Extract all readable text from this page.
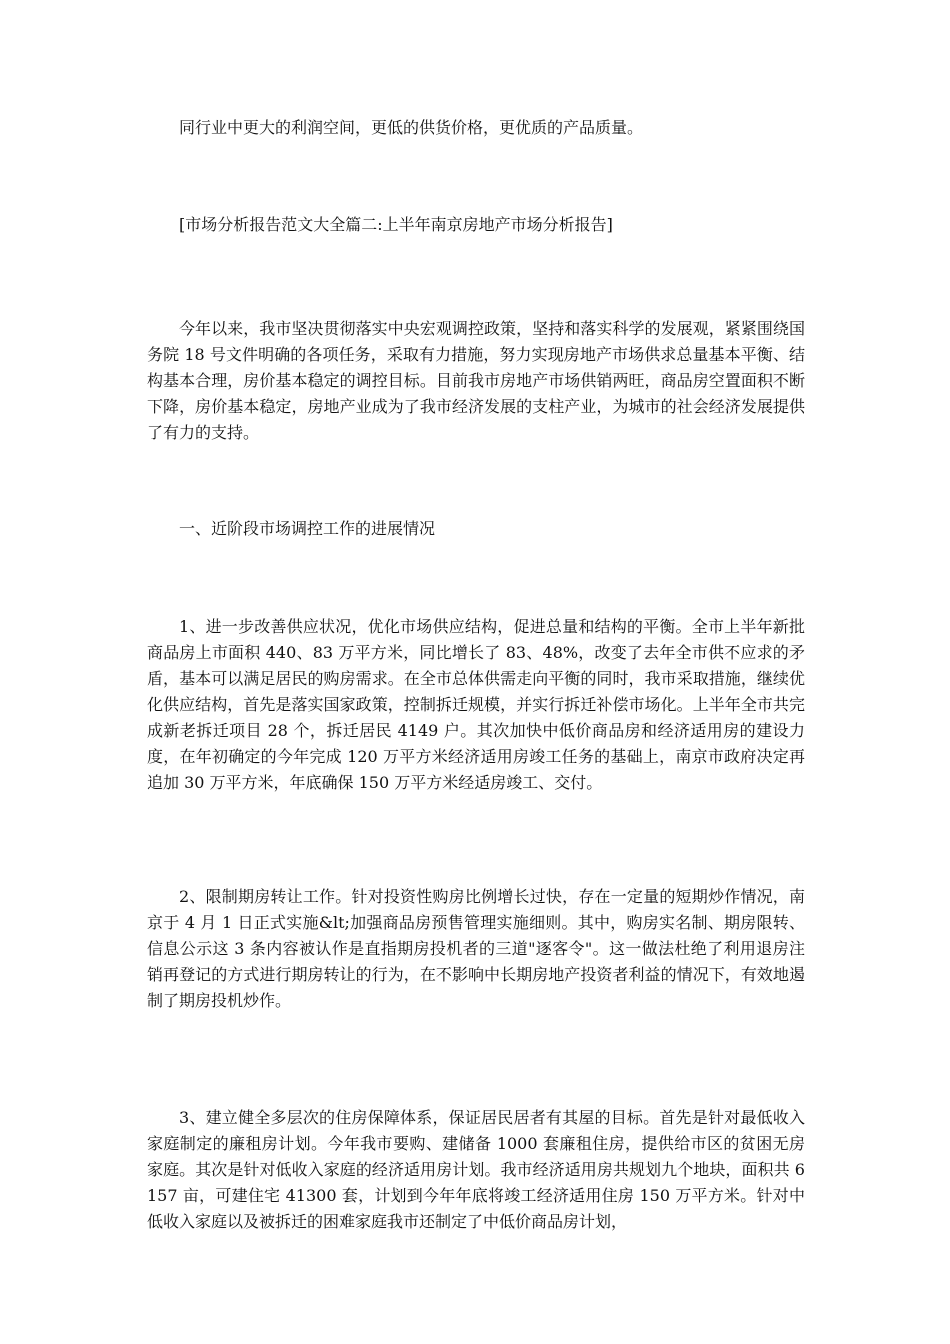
同行业中更大的利润空间，更低的供货价格，更优质的产品质量。

[市场分析报告范文大全篇二:上半年南京房地产市场分析报告]

今年以来，我市坚决贯彻落实中央宏观调控政策，坚持和落实科学的发展观，紧紧围绕国务院 18 号文件明确的各项任务，采取有力措施，努力实现房地产市场供求总量基本平衡、结构基本合理，房价基本稳定的调控目标。目前我市房地产市场供销两旺，商品房空置面积不断下降，房价基本稳定，房地产业成为了我市经济发展的支柱产业，为城市的社会经济发展提供了有力的支持。

一、近阶段市场调控工作的进展情况

1、进一步改善供应状况，优化市场供应结构，促进总量和结构的平衡。全市上半年新批商品房上市面积 440、83 万平方米，同比增长了 83、48%，改变了去年全市供不应求的矛盾，基本可以满足居民的购房需求。在全市总体供需走向平衡的同时，我市采取措施，继续优化供应结构，首先是落实国家政策，控制拆迁规模，并实行拆迁补偿市场化。上半年全市共完成新老拆迁项目 28 个，拆迁居民 4149 户。其次加快中低价商品房和经济适用房的建设力度，在年初确定的今年完成 120 万平方米经济适用房竣工任务的基础上，南京市政府决定再追加 30 万平方米，年底确保 150 万平方米经适房竣工、交付。

2、限制期房转让工作。针对投资性购房比例增长过快，存在一定量的短期炒作情况，南京于 4 月 1 日正式实施&lt;加强商品房预售管理实施细则。其中，购房实名制、期房限转、信息公示这 3 条内容被认作是直指期房投机者的三道"逐客令"。这一做法杜绝了利用退房注销再登记的方式进行期房转让的行为，在不影响中长期房地产投资者利益的情况下，有效地遏制了期房投机炒作。

3、建立健全多层次的住房保障体系，保证居民居者有其屋的目标。首先是针对最低收入家庭制定的廉租房计划。今年我市要购、建储备 1000 套廉租住房，提供给市区的贫困无房家庭。其次是针对低收入家庭的经济适用房计划。我市经济适用房共规划九个地块，面积共 6157 亩，可建住宅 41300 套，计划到今年年底将竣工经济适用住房 150 万平方米。针对中低收入家庭以及被拆迁的困难家庭我市还制定了中低价商品房计划，
